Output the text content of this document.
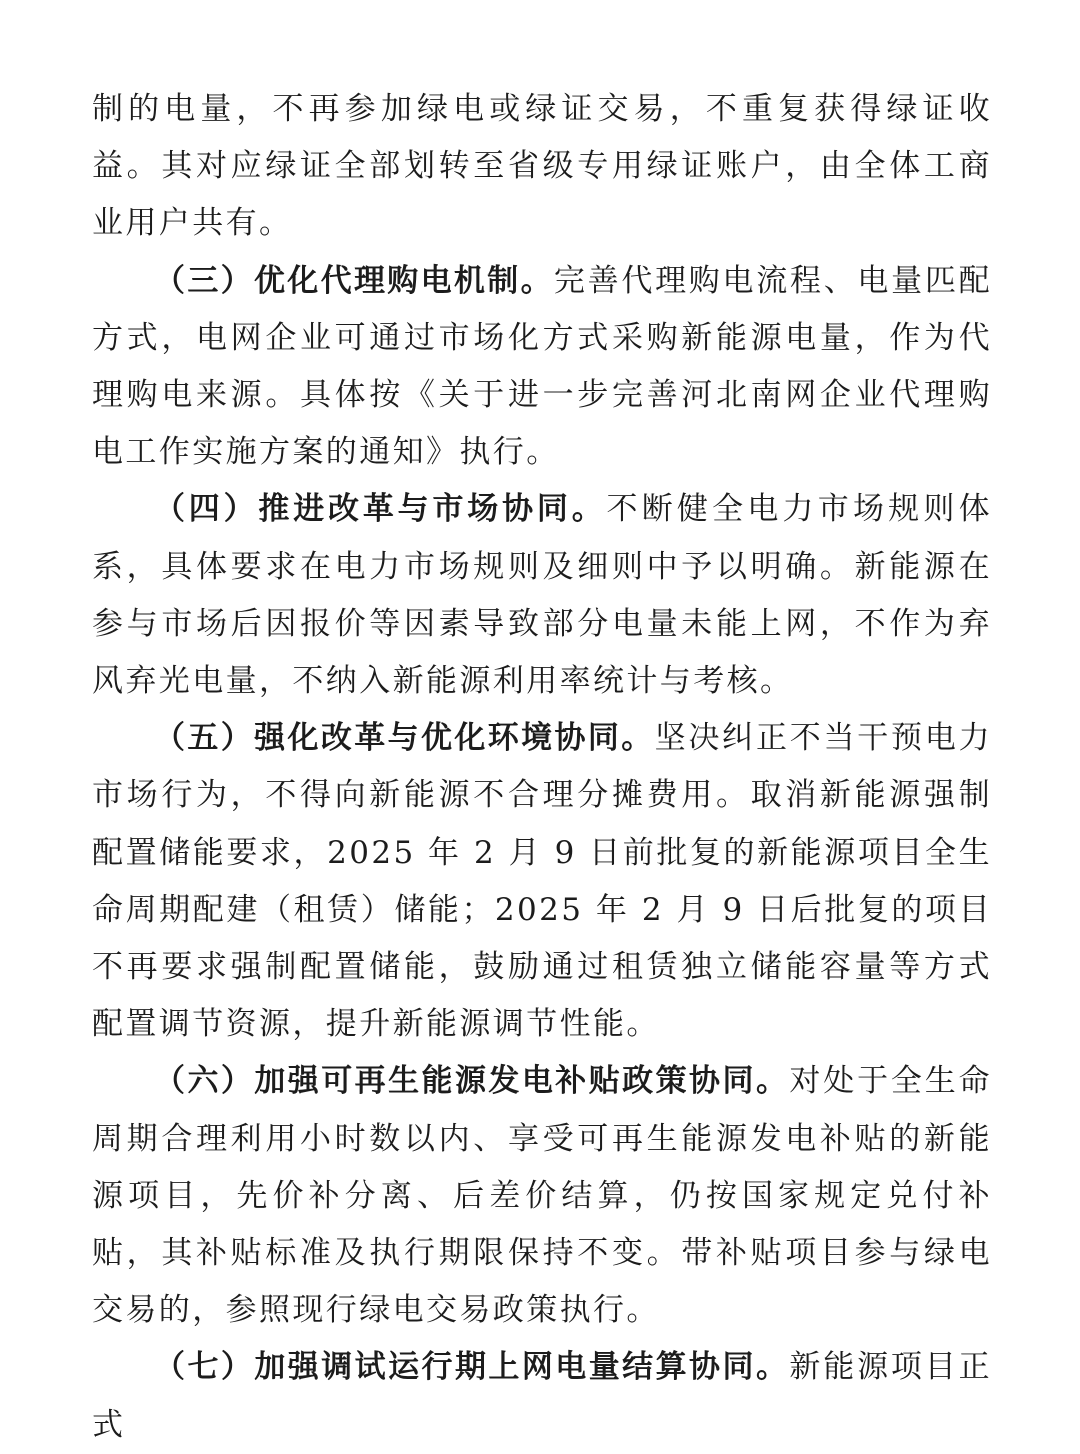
制的电量，不再参加绿电或绿证交易，不重复获得绿证收益。其对应绿证全部划转至省级专用绿证账户，由全体工商业用户共有。

（三）优化代理购电机制。完善代理购电流程、电量匹配方式，电网企业可通过市场化方式采购新能源电量，作为代理购电来源。具体按《关于进一步完善河北南网企业代理购电工作实施方案的通知》执行。

（四）推进改革与市场协同。不断健全电力市场规则体系，具体要求在电力市场规则及细则中予以明确。新能源在参与市场后因报价等因素导致部分电量未能上网，不作为弃风弃光电量，不纳入新能源利用率统计与考核。

（五）强化改革与优化环境协同。坚决纠正不当干预电力市场行为，不得向新能源不合理分摊费用。取消新能源强制配置储能要求，2025 年 2 月 9 日前批复的新能源项目全生命周期配建（租赁）储能；2025 年 2 月 9 日后批复的项目不再要求强制配置储能，鼓励通过租赁独立储能容量等方式配置调节资源，提升新能源调节性能。

（六）加强可再生能源发电补贴政策协同。对处于全生命周期合理利用小时数以内、享受可再生能源发电补贴的新能源项目，先价补分离、后差价结算，仍按国家规定兑付补贴，其补贴标准及执行期限保持不变。带补贴项目参与绿电交易的，参照现行绿电交易政策执行。

（七）加强调试运行期上网电量结算协同。新能源项目正式
